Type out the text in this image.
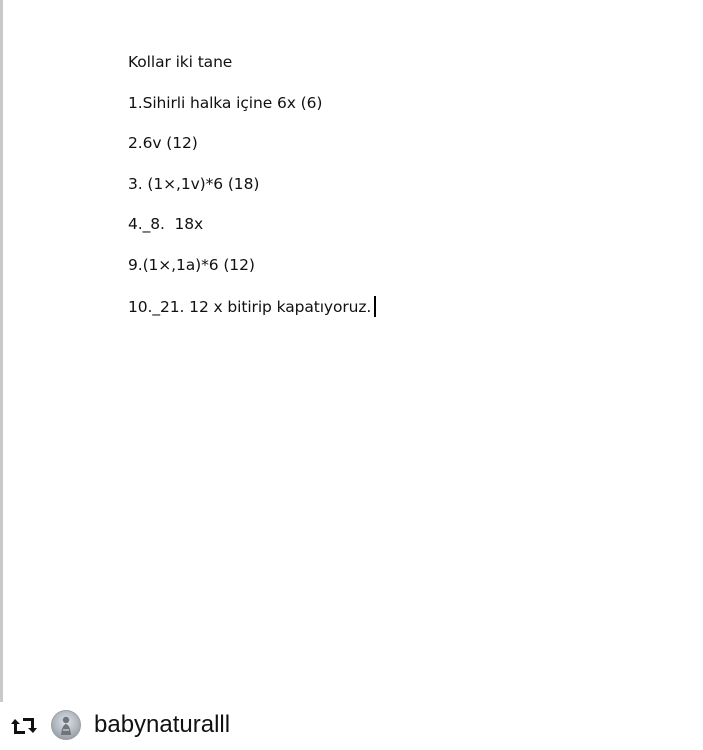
Kollar iki tane
1.Sihirli halka içine 6x (6)
2.6v (12)
3. (1×,1v)*6 (18)
4._8.  18x
9.(1×,1a)*6 (12)
10._21. 12 x bitirip kapatıyoruz.
babynaturalll
